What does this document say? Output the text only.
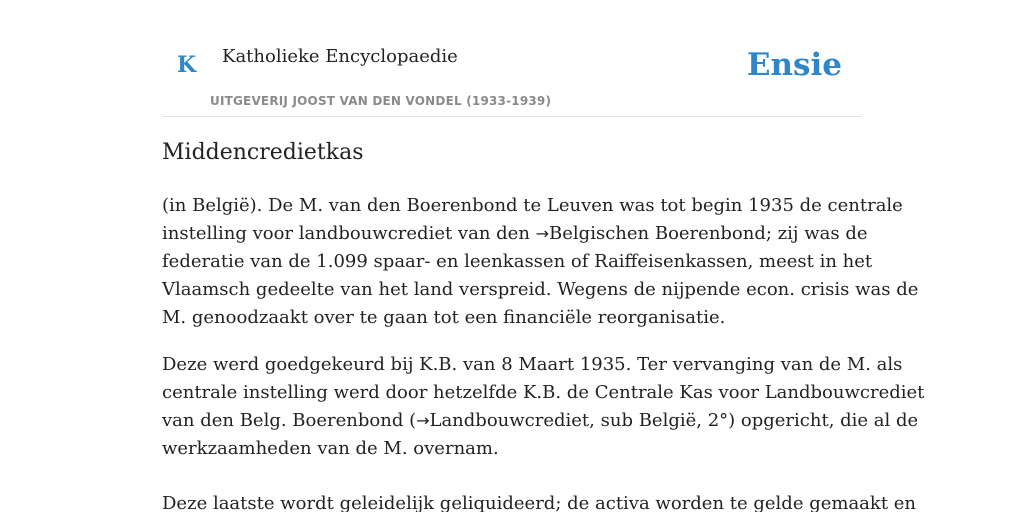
K Katholieke Encyclopaedie
UITGEVERIJ JOOST VAN DEN VONDEL (1933-1939)
Ensie
Middencredietkas

(in België). De M. van den Boerenbond te Leuven was tot begin 1935 de centrale
instelling voor landbouwcrediet van den →Belgischen Boerenbond; zij was de
federatie van de 1.099 spaar- en leenkassen of Raiffeisenkassen, meest in het
Vlaamsch gedeelte van het land verspreid. Wegens de nijpende econ. crisis was de
M. genoodzaakt over te gaan tot een financiële reorganisatie.

Deze werd goedgekeurd bij K.B. van 8 Maart 1935. Ter vervanging van de M. als
centrale instelling werd door hetzelfde K.B. de Centrale Kas voor Landbouwcrediet
van den Belg. Boerenbond (→Landbouwcrediet, sub België, 2°) opgericht, die al de
werkzaamheden van de M. overnam.

Deze laatste wordt geleidelijk geliquideerd; de activa worden te gelde gemaakt en
